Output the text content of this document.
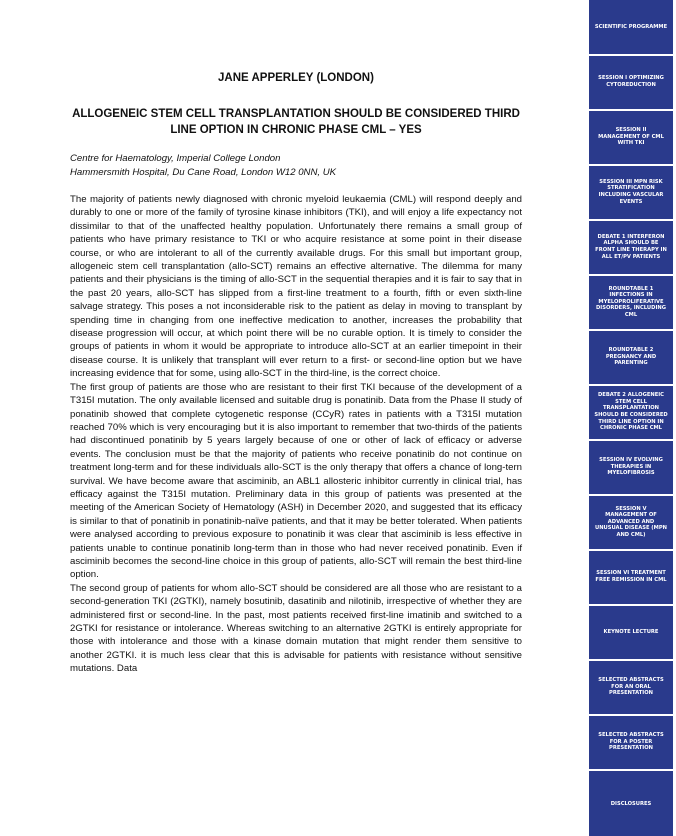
JANE APPERLEY (LONDON)
ALLOGENEIC STEM CELL TRANSPLANTATION SHOULD BE CONSIDERED THIRD LINE OPTION IN CHRONIC PHASE CML – YES
Centre for Haematology, Imperial College London
Hammersmith Hospital, Du Cane Road, London W12 0NN, UK

The majority of patients newly diagnosed with chronic myeloid leukaemia (CML) will respond deeply and durably to one or more of the family of tyrosine kinase inhibitors (TKI), and will enjoy a life expectancy not dissimilar to that of the unaffected healthy population. Unfortunately there remains a small group of patients who have primary resistance to TKI or who acquire resistance at some point in their disease course, or who are intolerant to all of the currently available drugs. For this small but important group, allogeneic stem cell transplantation (allo-SCT) remains an effective alternative. The dilemma for many patients and their physicians is the timing of allo-SCT in the sequential therapies and it is fair to say that in the past 20 years, allo-SCT has slipped from a first-line treatment to a fourth, fifth or even sixth-line salvage strategy. This poses a not inconsiderable risk to the patient as delay in moving to transplant by spending time in changing from one ineffective medication to another, increases the probability that disease progression will occur, at which point there will be no curable option. It is timely to consider the groups of patients in whom it would be appropriate to introduce allo-SCT at an earlier timepoint in their disease course. It is unlikely that transplant will ever return to a first- or second-line option but we have increasing evidence that for some, using allo-SCT in the third-line, is the correct choice.

The first group of patients are those who are resistant to their first TKI because of the development of a T315I mutation. The only available licensed and suitable drug is ponatinib. Data from the Phase II study of ponatinib showed that complete cytogenetic response (CCyR) rates in patients with a T315I mutation reached 70% which is very encouraging but it is also important to remember that two-thirds of the patients had discontinued ponatinib by 5 years largely because of one or other of lack of efficacy or adverse events. The conclusion must be that the majority of patients who receive ponatinib do not continue on treatment long-term and for these individuals allo-SCT is the only therapy that offers a chance of long-tern survival. We have become aware that asciminib, an ABL1 allosteric inhibitor currently in clinical trial, has efficacy against the T315I mutation. Preliminary data in this group of patients was presented at the meeting of the American Society of Hematology (ASH) in December 2020, and suggested that its efficacy is similar to that of ponatinib in ponatinib-naïve patients, and that it may be better tolerated. When patients were analysed according to previous exposure to ponatinib it was clear that asciminib is less effective in patients unable to continue ponatinib long-term than in those who had never received ponatinib. Even if asciminib becomes the second-line choice in this group of patients, allo-SCT will remain the best third-line option.

The second group of patients for whom allo-SCT should be considered are all those who are resistant to a second-generation TKI (2GTKI), namely bosutinib, dasatinib and nilotinib, irrespective of whether they are administered first or second-line. In the past, most patients received first-line imatinib and switched to a 2GTKI for resistance or intolerance. Whereas switching to an alternative 2GTKI is entirely appropriate for those with intolerance and those with a kinase domain mutation that might render them sensitive to another 2GTKI. it is much less clear that this is advisable for patients with resistance without sensitive mutations. Data

SCIENTIFIC PROGRAMME
SESSION I OPTIMIZING CYTOREDUCTION
SESSION II MANAGEMENT OF CML WITH TKI
SESSION III MPN RISK STRATIFICATION INCLUDING VASCULAR EVENTS
DEBATE 1 INTERFERON ALPHA SHOULD BE FRONT LINE THERAPY IN ALL ET/PV PATIENTS
ROUNDTABLE 1 INFECTIONS IN MYELOPROLIFERATIVE DISORDERS, INCLUDING CML
ROUNDTABLE 2 PREGNANCY AND PARENTING
DEBATE 2 ALLOGENEIC STEM CELL TRANSPLANTATION SHOULD BE CONSIDERED THIRD LINE OPTION IN CHRONIC PHASE CML
SESSION IV EVOLVING THERAPIES IN MYELOFIBROSIS
SESSION V MANAGEMENT OF ADVANCED AND UNUSUAL DISEASE (MPN AND CML)
SESSION VI TREATMENT FREE REMISSION IN CML
KEYNOTE LECTURE
SELECTED ABSTRACTS FOR AN ORAL PRESENTATION
SELECTED ABSTRACTS FOR A POSTER PRESENTATION
DISCLOSURES
